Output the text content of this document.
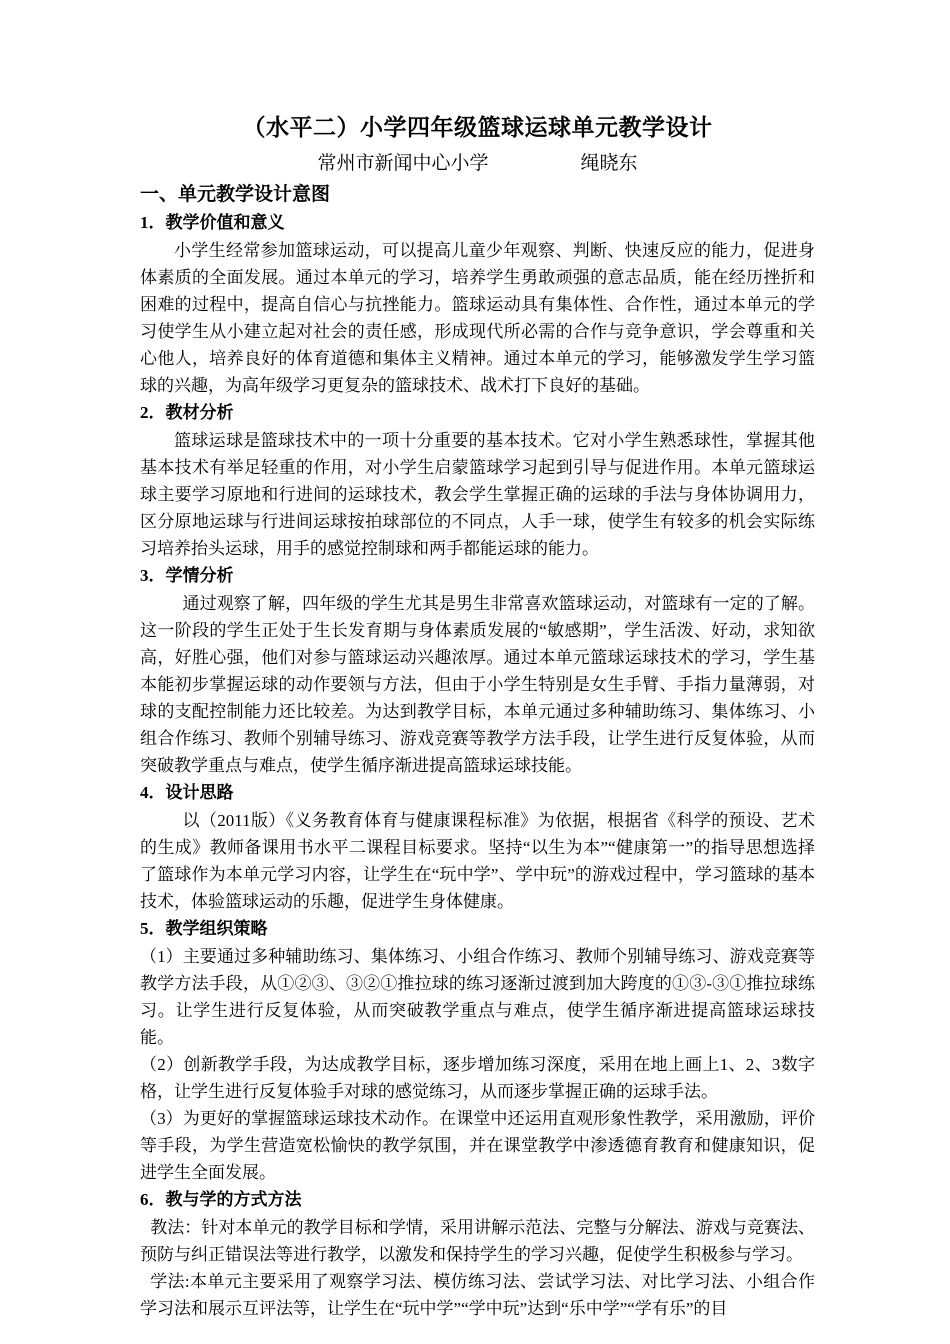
（水平二）小学四年级篮球运球单元教学设计
常州市新闻中心小学	绳晓东
一、单元教学设计意图
1．教学价值和意义

小学生经常参加篮球运动，可以提高儿童少年观察、判断、快速反应的能力，促进身体素质的全面发展。通过本单元的学习，培养学生勇敢顽强的意志品质，能在经历挫折和困难的过程中，提高自信心与抗挫能力。篮球运动具有集体性、合作性，通过本单元的学习使学生从小建立起对社会的责任感，形成现代所必需的合作与竞争意识，学会尊重和关心他人，培养良好的体育道德和集体主义精神。通过本单元的学习，能够激发学生学习篮球的兴趣，为高年级学习更复杂的篮球技术、战术打下良好的基础。

2．教材分析

篮球运球是篮球技术中的一项十分重要的基本技术。它对小学生熟悉球性，掌握其他基本技术有举足轻重的作用，对小学生启蒙篮球学习起到引导与促进作用。本单元篮球运球主要学习原地和行进间的运球技术，教会学生掌握正确的运球的手法与身体协调用力，区分原地运球与行进间运球按拍球部位的不同点，人手一球，使学生有较多的机会实际练习培养抬头运球，用手的感觉控制球和两手都能运球的能力。

3．学情分析

通过观察了解，四年级的学生尤其是男生非常喜欢篮球运动，对篮球有一定的了解。这一阶段的学生正处于生长发育期与身体素质发展的“敏感期”，学生活泼、好动，求知欲高，好胜心强，他们对参与篮球运动兴趣浓厚。通过本单元篮球运球技术的学习，学生基本能初步掌握运球的动作要领与方法，但由于小学生特别是女生手臂、手指力量薄弱，对球的支配控制能力还比较差。为达到教学目标，本单元通过多种辅助练习、集体练习、小组合作练习、教师个别辅导练习、游戏竞赛等教学方法手段，让学生进行反复体验，从而突破教学重点与难点，使学生循序渐进提高篮球运球技能。

4．设计思路

以（2011版）《义务教育体育与健康课程标准》为依据，根据省《科学的预设、艺术的生成》教师备课用书水平二课程目标要求。坚持“以生为本”“健康第一”的指导思想选择了篮球作为本单元学习内容，让学生在“玩中学”、学中玩”的游戏过程中，学习篮球的基本技术，体验篮球运动的乐趣，促进学生身体健康。

5．教学组织策略

（1）主要通过多种辅助练习、集体练习、小组合作练习、教师个别辅导练习、游戏竞赛等教学方法手段，从①②③、③②①推拉球的练习逐渐过渡到加大跨度的①③-③①推拉球练习。让学生进行反复体验，从而突破教学重点与难点，使学生循序渐进提高篮球运球技能。

（2）创新教学手段，为达成教学目标，逐步增加练习深度，采用在地上画上1、2、3数字格，让学生进行反复体验手对球的感觉练习，从而逐步掌握正确的运球手法。

（3）为更好的掌握篮球运球技术动作。在课堂中还运用直观形象性教学，采用激励，评价等手段，为学生营造宽松愉快的教学氛围，并在课堂教学中渗透德育教育和健康知识，促进学生全面发展。

6．教与学的方式方法

教法：针对本单元的教学目标和学情，采用讲解示范法、完整与分解法、游戏与竞赛法、预防与纠正错误法等进行教学，以激发和保持学生的学习兴趣，促使学生积极参与学习。

学法:本单元主要采用了观察学习法、模仿练习法、尝试学习法、对比学习法、小组合作学习法和展示互评法等，让学生在“玩中学”“学中玩”达到“乐中学”“学有乐”的目
